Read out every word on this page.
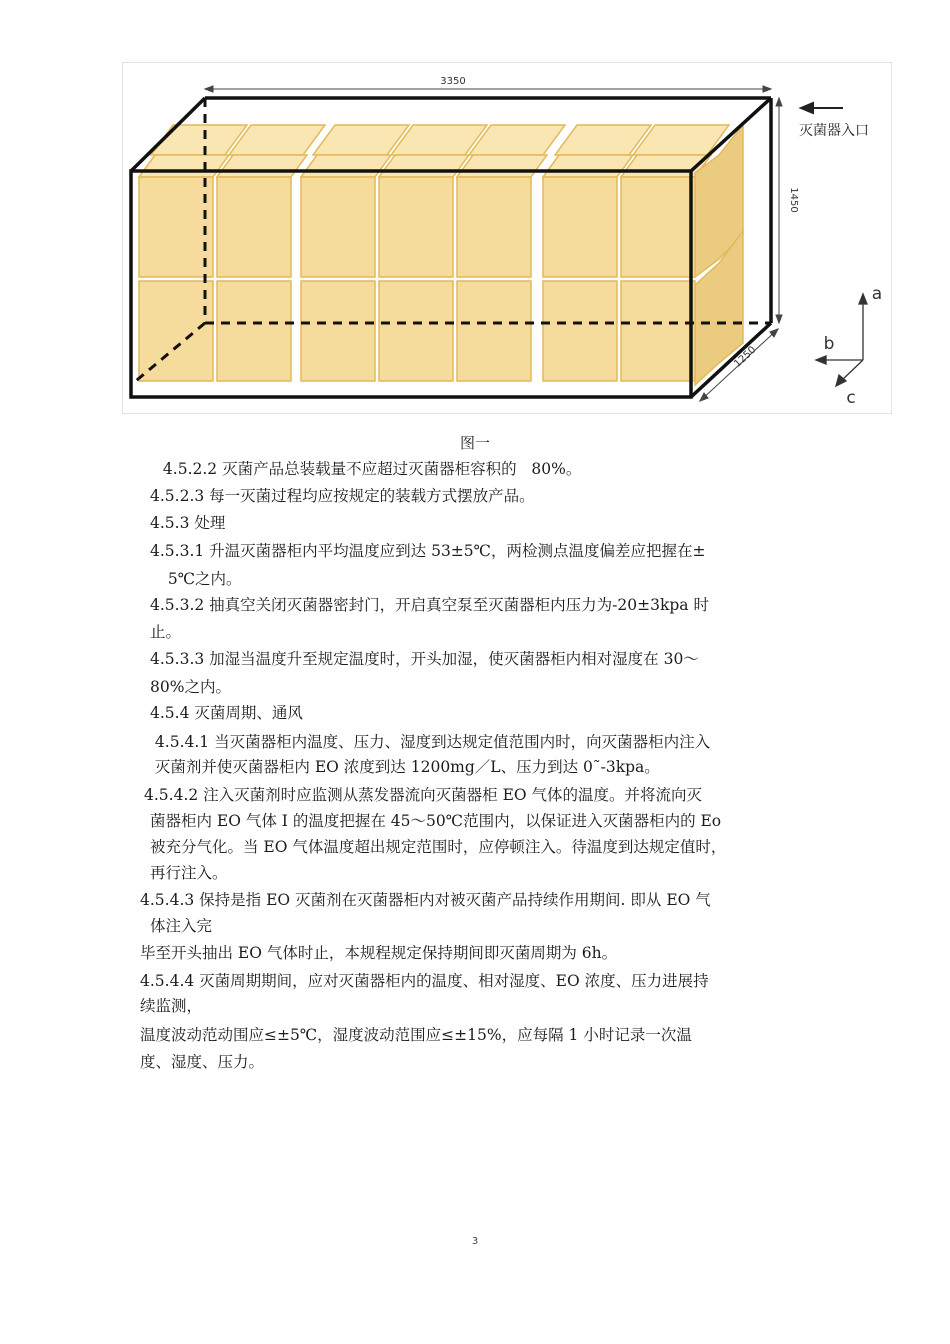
3350
1450
1250
灭菌器入口
a
b
c
图一
4.5.2.2 灭菌产品总装载量不应超过灭菌器柜容积的   80%。
4.5.2.3 每一灭菌过程均应按规定的装载方式摆放产品。
4.5.3 处理
4.5.3.1 升温灭菌器柜内平均温度应到达 53±5℃，两检测点温度偏差应把握在±
5℃之内。
4.5.3.2 抽真空关闭灭菌器密封门，开启真空泵至灭菌器柜内压力为-20±3kpa 时
止。
4.5.3.3 加湿当温度升至规定温度时，开头加湿，使灭菌器柜内相对湿度在 30～
80%之内。
4.5.4 灭菌周期、通风
4.5.4.1 当灭菌器柜内温度、压力、湿度到达规定值范围内时，向灭菌器柜内注入
灭菌剂并使灭菌器柜内 EO 浓度到达 1200mg／L、压力到达 0˜-3kpa。
4.5.4.2 注入灭菌剂时应监测从蒸发器流向灭菌器柜 EO 气体的温度。并将流向灭
菌器柜内 EO 气体 I 的温度把握在 45～50℃范围内，以保证进入灭菌器柜内的 Eo
被充分气化。当 EO 气体温度超出规定范围时，应停顿注入。待温度到达规定值时，
再行注入。
4.5.4.3 保持是指 EO 灭菌剂在灭菌器柜内对被灭菌产品持续作用期间. 即从 EO 气
体注入完
毕至开头抽出 EO 气体时止，本规程规定保持期间即灭菌周期为 6h。
4.5.4.4 灭菌周期期间，应对灭菌器柜内的温度、相对湿度、EO 浓度、压力进展持
续监测，
温度波动范动围应≤±5℃，湿度波动范围应≤±15%，应每隔 1 小时记录一次温
度、湿度、压力。
3
